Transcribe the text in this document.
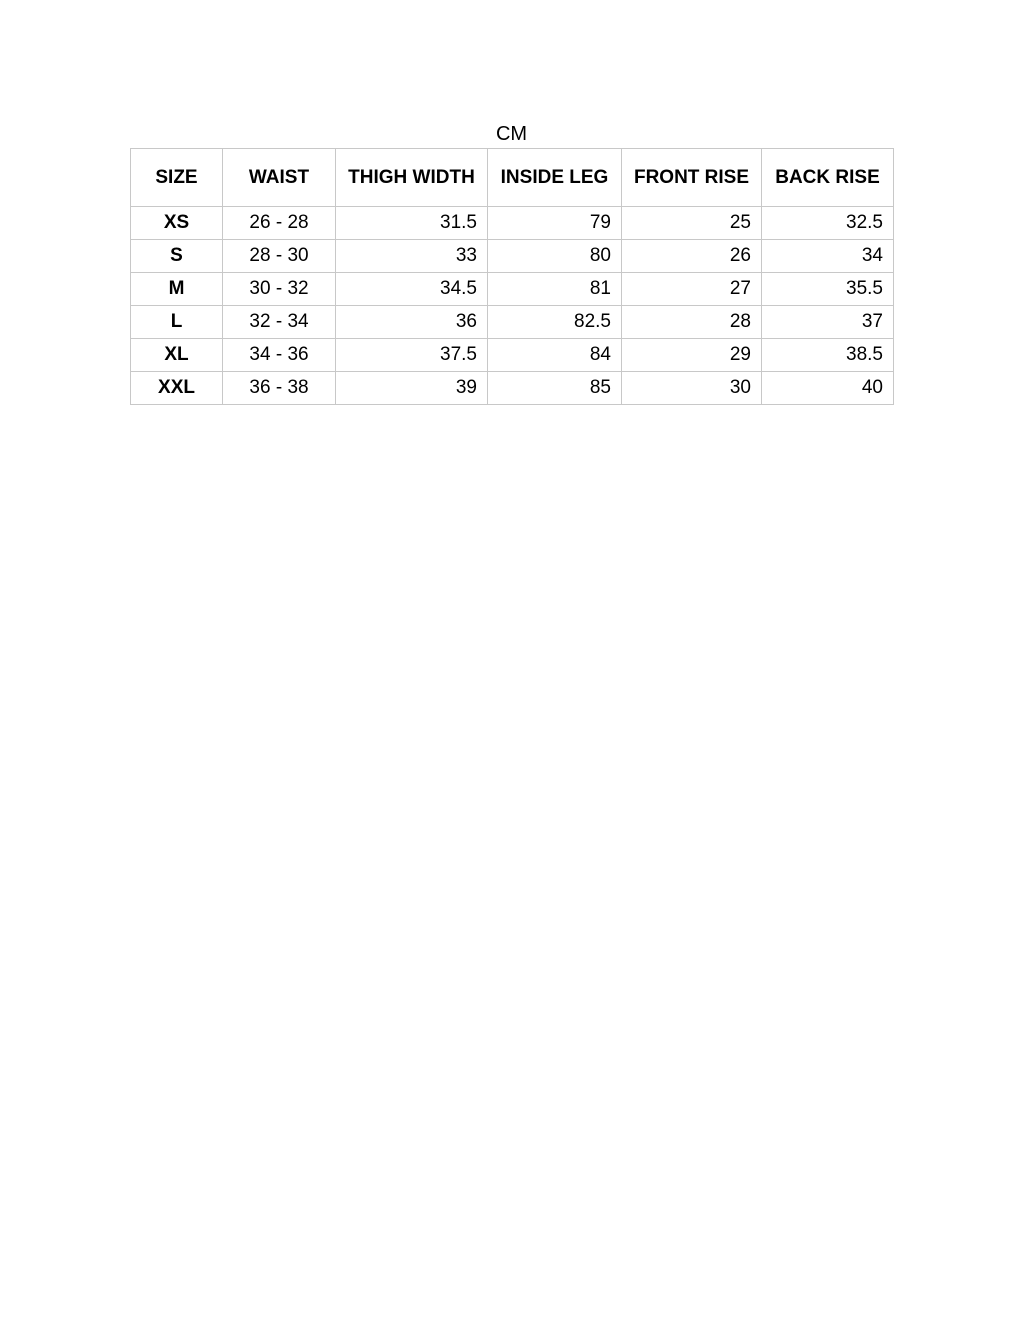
CM
SIZE	WAIST	THIGH WIDTH	INSIDE LEG	FRONT RISE	BACK RISE
XS	26 - 28	31.5	79	25	32.5
S	28 - 30	33	80	26	34
M	30 - 32	34.5	81	27	35.5
L	32 - 34	36	82.5	28	37
XL	34 - 36	37.5	84	29	38.5
XXL	36 - 38	39	85	30	40
